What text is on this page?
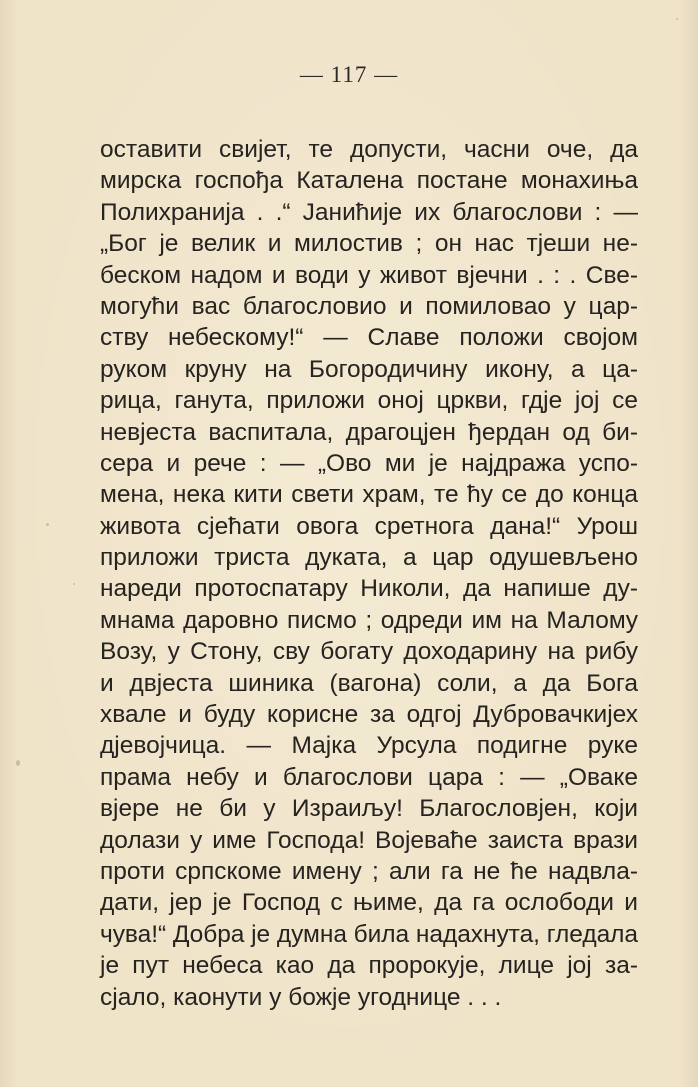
— 117 —
оставити свијет, те допусти, часни оче, да
мирска госпођа Каталена постане монахиња
Полихранија . .“ Јанићије их благослови : —
„Бог је велик и милостив ; он нас тјеши не-
беском надом и води у живот вјечни . : . Све-
могући вас благословио и помиловао у цар-
ству небескому!“ — Славе положи својом
руком круну на Богородичину икону, а ца-
рица, ганута, приложи оној цркви, гдје јој се
невјеста васпитала, драгоцјен ђердан од би-
сера и рече : — „Ово ми је најдража успо-
мена, нека кити свети храм, те ћу се до конца
живота сјећати овога сретнога дана!“ Урош
приложи триста дуката, а цар одушевљено
нареди протоспатару Николи, да напише ду-
мнама даровно писмо ; одреди им на Маломy
Возу, у Стону, сву богату доходарину на рибу
и двјеста шиника (вагона) соли, а да Бога
хвале и буду корисне за одгој Дубровачкијех
дјевојчица. — Мајка Урсула подигне руке
прама небу и благослови цара : — „Оваке
вјере не би у Израиљу! Благословјен, који
долази у име Господа! Војеваће заиста врази
проти српскоме имену ; али га не ће надвла-
дати, јер је Господ с њиме, да га ослободи и
чува!“ Добра је думна била надахнута, гледала
је пут небеса као да пророкује, лице јој за-
сјало, каонути у божје угоднице . . .
